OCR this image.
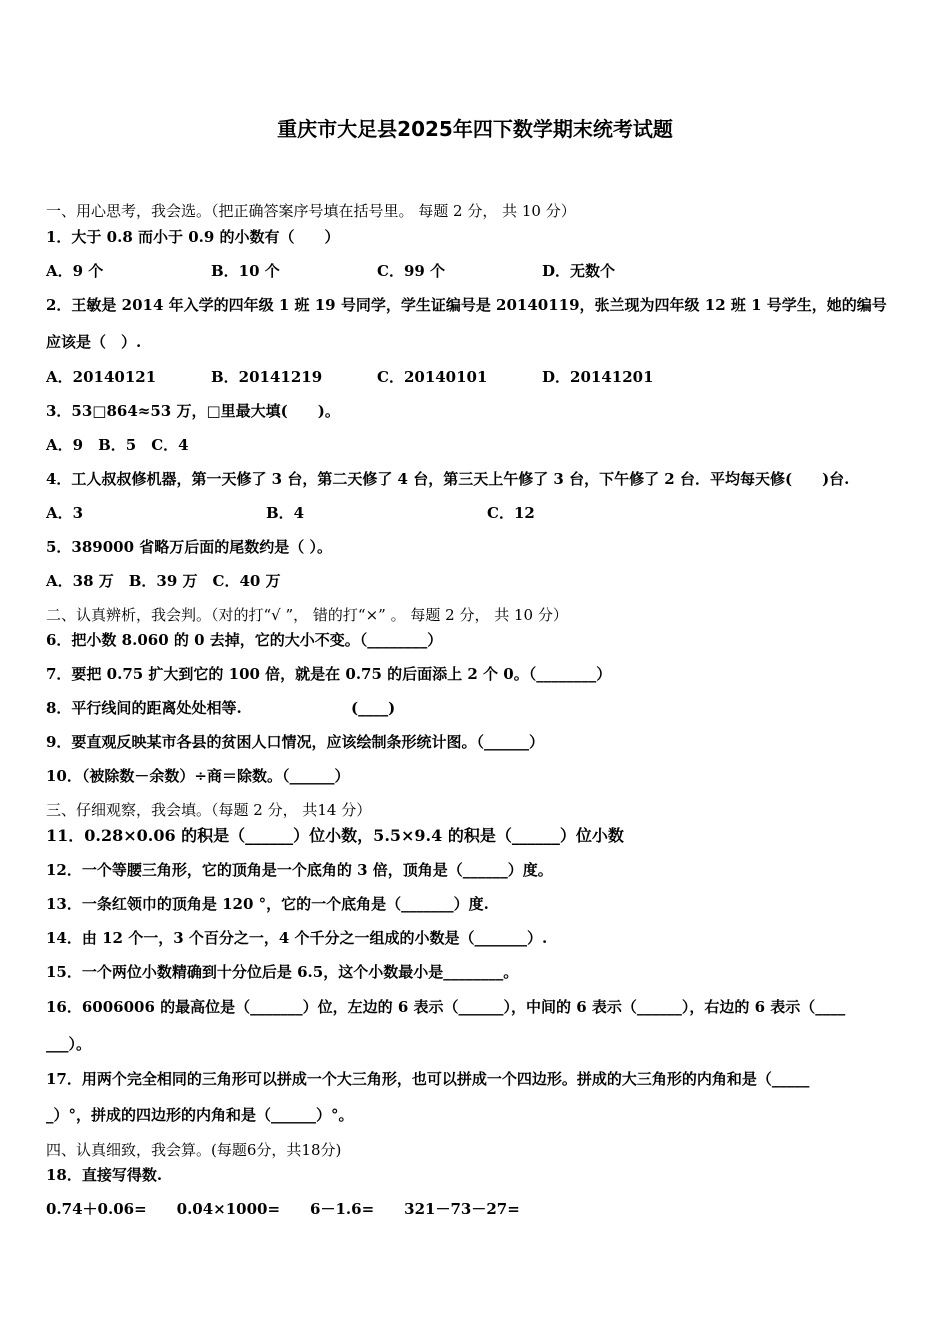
重庆市大足县2025年四下数学期末统考试题
一、用心思考，我会选。（把正确答案序号填在括号里。 每题 2 分， 共 10 分）
1．大于 0.8 而小于 0.9 的小数有（　　）
A．9 个	B．10 个	C．99 个	D．无数个
2．王敏是 2014 年入学的四年级 1 班 19 号同学，学生证编号是 20140119，张兰现为四年级 12 班 1 号学生，她的编号
应该是（　）.
A．20140121	B．20141219	C．20140101	D．20141201
3．53□864≈53 万，□里最大填(　　)。
A．9　B．5　C．4
4．工人叔叔修机器，第一天修了 3 台，第二天修了 4 台，第三天上午修了 3 台，下午修了 2 台．平均每天修(　　)台.
A．3	B．4	C．12
5．389000 省略万后面的尾数约是（ ）。
A．38 万　B．39 万　C．40 万
二、认真辨析，我会判。（对的打“√ ”， 错的打“×” 。 每题 2 分， 共 10 分）
6．把小数 8.060 的 0 去掉，它的大小不变。（________）
7．要把 0.75 扩大到它的 100 倍，就是在 0.75 的后面添上 2 个 0。（________）
8．平行线间的距离处处相等.	(____)
9．要直观反映某市各县的贫困人口情况，应该绘制条形统计图。（______）
10．（被除数－余数）÷商＝除数。（______）
三、仔细观察，我会填。（每题 2 分， 共14 分）
11．0.28×0.06 的积是（______）位小数，5.5×9.4 的积是（______）位小数
12．一个等腰三角形，它的顶角是一个底角的 3 倍，顶角是（______）度。
13．一条红领巾的顶角是 120 °，它的一个底角是（_______）度.
14．由 12 个一，3 个百分之一，4 个千分之一组成的小数是（_______）.
15．一个两位小数精确到十分位后是 6.5，这个小数最小是________。
16．6006006 的最高位是（_______）位，左边的 6 表示（______），中间的 6 表示（______），右边的 6 表示（____
___）。
17．用两个完全相同的三角形可以拼成一个大三角形，也可以拼成一个四边形。拼成的大三角形的内角和是（_____
_）°，拼成的四边形的内角和是（______）°。
四、认真细致，我会算。(每题6分，共18分)
18．直接写得数.
0.74＋0.06=　　0.04×1000=　　6－1.6=　　321－73－27=
